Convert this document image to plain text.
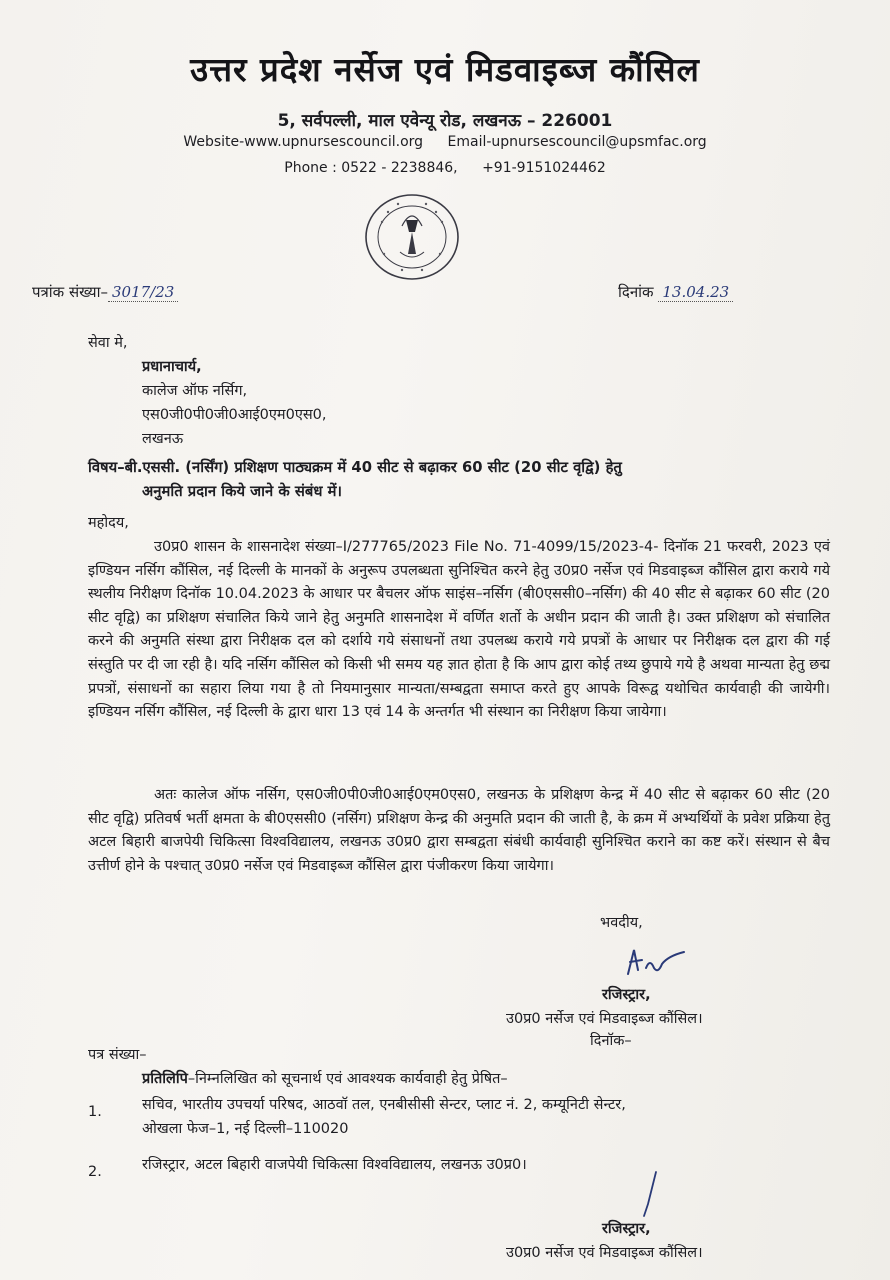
उत्तर प्रदेश नर्सेज एवं मिडवाइब्ज कौंसिल
5, सर्वपल्ली, माल एवेन्यू रोड, लखनऊ – 226001
Website-www.upnursescouncil.org Email-upnursescouncil@upsmfac.org
Phone : 0522 - 2238846, +91-9151024462
पत्रांक संख्या– 3017/23	दिनांक 13.04.23
सेवा मे,
प्रधानाचार्य,
कालेज ऑफ नर्सिग,
एस0जी0पी0जी0आई0एम0एस0,
लखनऊ
विषय–बी.एससी. (नर्सिंग) प्रशिक्षण पाठ्यक्रम में 40 सीट से बढ़ाकर 60 सीट (20 सीट वृद्वि) हेतु
अनुमति प्रदान किये जाने के संबंध में।
महोदय,
उ0प्र0 शासन के शासनादेश संख्या–I/277765/2023 File No. 71-4099/15/2023-4- दिनॉक 21 फरवरी, 2023 एवं इण्डियन नर्सिग कौंसिल, नई दिल्ली के मानकों के अनुरूप उपलब्धता सुनिश्चित करने हेतु उ0प्र0 नर्सेज एवं मिडवाइब्ज कौंसिल द्वारा कराये गये स्थलीय निरीक्षण दिनॉक 10.04.2023 के आधार पर बैचलर ऑफ साइंस–नर्सिग (बी0एससी0–नर्सिग) की 40 सीट से बढ़ाकर 60 सीट (20 सीट वृद्वि) का प्रशिक्षण संचालित किये जाने हेतु अनुमति शासनादेश में वर्णित शर्तो के अधीन प्रदान की जाती है। उक्त प्रशिक्षण को संचालित करने की अनुमति संस्था द्वारा निरीक्षक दल को दर्शाये गये संसाधनों तथा उपलब्ध कराये गये प्रपत्रों के आधार पर निरीक्षक दल द्वारा की गई संस्तुति पर दी जा रही है। यदि नर्सिग कौंसिल को किसी भी समय यह ज्ञात होता है कि आप द्वारा कोई तथ्य छुपाये गये है अथवा मान्यता हेतु छद्म प्रपत्रों, संसाधनों का सहारा लिया गया है तो नियमानुसार मान्यता/सम्बद्वता समाप्त करते हुए आपके विरूद्व यथोचित कार्यवाही की जायेगी। इण्डियन नर्सिग कौंसिल, नई दिल्ली के द्वारा धारा 13 एवं 14 के अन्तर्गत भी संस्थान का निरीक्षण किया जायेगा।
अतः कालेज ऑफ नर्सिग, एस0जी0पी0जी0आई0एम0एस0, लखनऊ के प्रशिक्षण केन्द्र में 40 सीट से बढ़ाकर 60 सीट (20 सीट वृद्वि) प्रतिवर्ष भर्ती क्षमता के बी0एससी0 (नर्सिग) प्रशिक्षण केन्द्र की अनुमति प्रदान की जाती है, के क्रम में अभ्यर्थियों के प्रवेश प्रक्रिया हेतु अटल बिहारी बाजपेयी चिकित्सा विश्वविद्यालय, लखनऊ उ0प्र0 द्वारा सम्बद्वता संबंधी कार्यवाही सुनिश्चित कराने का कष्ट करें। संस्थान से बैच उत्तीर्ण होने के पश्चात् उ0प्र0 नर्सेज एवं मिडवाइब्ज कौंसिल द्वारा पंजीकरण किया जायेगा।
भवदीय,
रजिस्ट्रार,
उ0प्र0 नर्सेज एवं मिडवाइब्ज कौंसिल।
दिनॉक–
पत्र संख्या–
प्रतिलिपि–निम्नलिखित को सूचनार्थ एवं आवश्यक कार्यवाही हेतु प्रेषित–
1.	सचिव, भारतीय उपचर्या परिषद, आठवॉ तल, एनबीसीसी सेन्टर, प्लाट नं. 2, कम्यूनिटी सेन्टर,
ओखला फेज–1, नई दिल्ली–110020
2.	रजिस्ट्रार, अटल बिहारी वाजपेयी चिकित्सा विश्वविद्यालय, लखनऊ उ0प्र0।
रजिस्ट्रार,
उ0प्र0 नर्सेज एवं मिडवाइब्ज कौंसिल।
